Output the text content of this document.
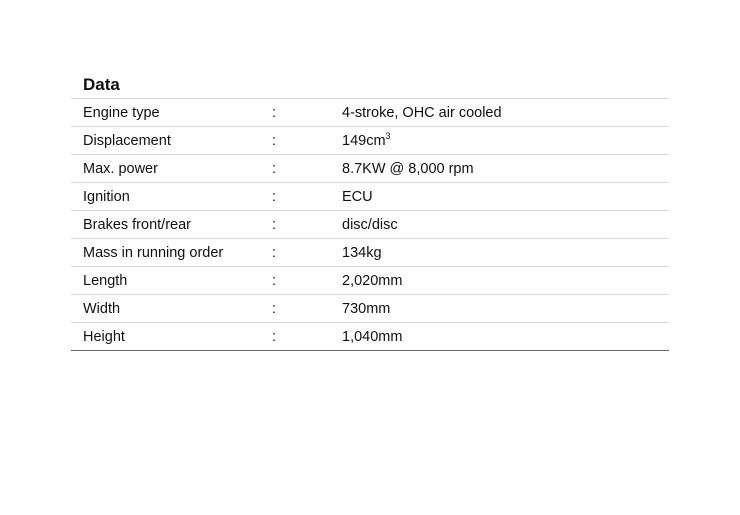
Data
Engine type	:	4-stroke, OHC air cooled
Displacement	:	$149cm^3$
Max. power	:	8.7KW @ 8,000 rpm
Ignition	:	ECU
Brakes front/rear	:	disc/disc
Mass in running order	:	134kg
Length	:	2,020mm
Width	:	730mm
Height	:	1,040mm
